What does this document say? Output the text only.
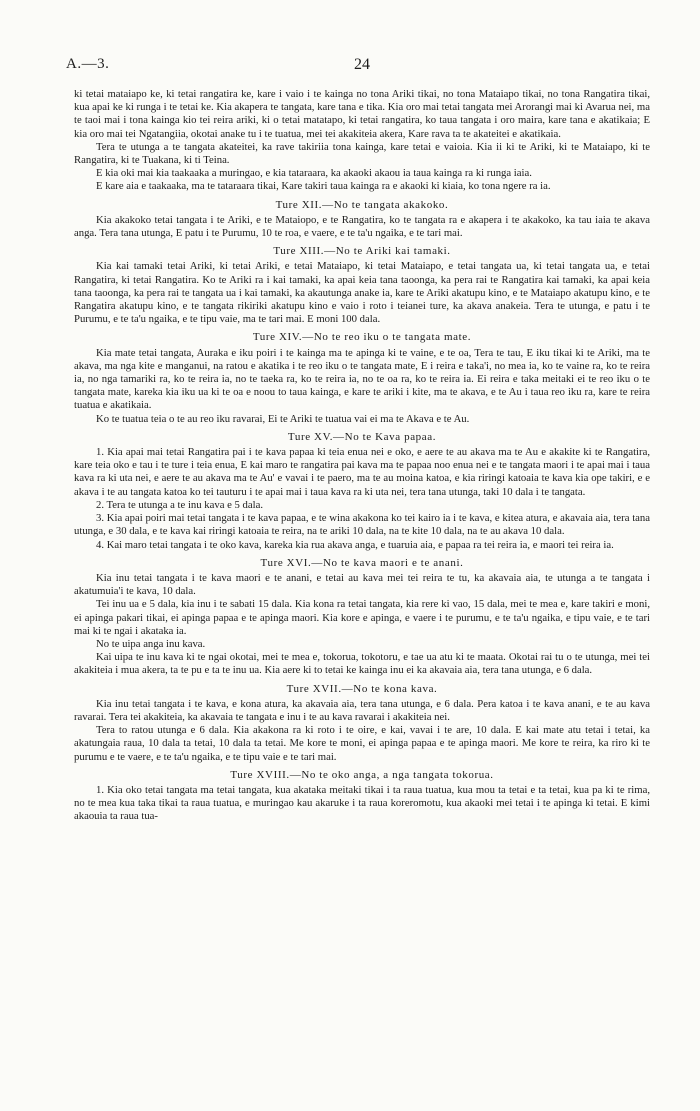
A.—3.	24

ki tetai mataiapo ke, ki tetai rangatira ke, kare i vaio i te kainga no tona Ariki tikai, no tona Mataiapo tikai, no tona Rangatira tikai, kua apai ke ki runga i te tetai ke. Kia akapera te tangata, kare tana e tika. Kia oro mai tetai tangata mei Arorangi mai ki Avarua nei, ma te taoi mai i tona kainga kio tei reira ariki, ki o tetai matatapo, ki tetai rangatira, ko taua tangata i oro maira, kare tana e akatikaia; E kia oro mai tei Ngatangiia, okotai anake tu i te tuatua, mei tei akakiteia akera, Kare rava ta te akateitei e akatikaia.

Tera te utunga a te tangata akateitei, ka rave takiriia tona kainga, kare tetai e vaioia. Kia ii ki te Ariki, ki te Mataiapo, ki te Rangatira, ki te Tuakana, ki ti Teina.

E kia oki mai kia taakaaka a muringao, e kia tataraara, ka akaoki akaou ia taua kainga ra ki runga iaia.

E kare aia e taakaaka, ma te tataraara tikai, Kare takiri taua kainga ra e akaoki ki kiaia, ko tona ngere ra ia.

Ture XII.—No te tangata akakoko.

Kia akakoko tetai tangata i te Ariki, e te Mataiopo, e te Rangatira, ko te tangata ra e akapera i te akakoko, ka tau iaia te akava anga. Tera tana utunga, E patu i te Purumu, 10 te roa, e vaere, e te ta'u ngaika, e te tari mai.

Ture XIII.—No te Ariki kai tamaki.

Kia kai tamaki tetai Ariki, ki tetai Ariki, e tetai Mataiapo, ki tetai Mataiapo, e tetai tangata ua, ki tetai tangata ua, e tetai Rangatira, ki tetai Rangatira. Ko te Ariki ra i kai tamaki, ka apai keia tana taoonga, ka pera rai te Rangatira kai tamaki, ka apai keia tana taoonga, ka pera rai te tangata ua i kai tamaki, ka akautunga anake ia, kare te Ariki akatupu kino, e te Mataiapo akatupu kino, e te Rangatira akatupu kino, e te tangata rikiriki akatupu kino e vaio i roto i teianei ture, ka akava anakeia. Tera te utunga, e patu i te Purumu, e te ta'u ngaika, e te tipu vaie, ma te tari mai. E moni 100 dala.

Ture XIV.—No te reo iku o te tangata mate.

Kia mate tetai tangata, Auraka e iku poiri i te kainga ma te apinga ki te vaine, e te oa, Tera te tau, E iku tikai ki te Ariki, ma te akava, ma nga kite e manganui, na ratou e akatika i te reo iku o te tangata mate, E i reira e taka'i, no mea ia, ko te vaine ra, ko te reira ia, no nga tamariki ra, ko te reira ia, no te taeka ra, ko te reira ia, no te oa ra, ko te reira ia. Ei reira e taka meitaki ei te reo iku o te tangata mate, kareka kia iku ua ki te oa e noou to taua kainga, e kare te ariki i kite, ma te akava, e te Au i taua reo iku ra, kare te reira tuatua e akatikaia.

Ko te tuatua teia o te au reo iku ravarai, Ei te Ariki te tuatua vai ei ma te Akava e te Au.

Ture XV.—No te Kava papaa.

1. Kia apai mai tetai Rangatira pai i te kava papaa ki teia enua nei e oko, e aere te au akava ma te Au e akakite ki te Rangatira, kare teia oko e tau i te ture i teia enua, E kai maro te rangatira pai kava ma te papaa noo enua nei e te tangata maori i te apai mai i taua kava ra ki uta nei, e aere te au akava ma te Au' e vavai i te paero, ma te au moina katoa, e kia riringi katoaia te kava kia ope takiri, e e akava i te au tangata katoa ko tei tauturu i te apai mai i taua kava ra ki uta nei, tera tana utunga, taki 10 dala i te tangata.

2. Tera te utunga a te inu kava e 5 dala.

3. Kia apai poiri mai tetai tangata i te kava papaa, e te wina akakona ko tei kairo ia i te kava, e kitea atura, e akavaia aia, tera tana utunga, e 30 dala, e te kava kai riringi katoaia te reira, na te ariki 10 dala, na te kite 10 dala, na te au akava 10 dala.

4. Kai maro tetai tangata i te oko kava, kareka kia rua akava anga, e tuaruia aia, e papaa ra tei reira ia, e maori tei reira ia.

Ture XVI.—No te kava maori e te anani.

Kia inu tetai tangata i te kava maori e te anani, e tetai au kava mei tei reira te tu, ka akavaia aia, te utunga a te tangata i akatumuia'i te kava, 10 dala.

Tei inu ua e 5 dala, kia inu i te sabati 15 dala. Kia kona ra tetai tangata, kia rere ki vao, 15 dala, mei te mea e, kare takiri e moni, ei apinga pakari tikai, ei apinga papaa e te apinga maori. Kia kore e apinga, e vaere i te purumu, e te ta'u ngaika, e tipu vaie, e te tari mai ki te ngai i akataka ia.

No te uipa anga inu kava.

Kai uipa te inu kava ki te ngai okotai, mei te mea e, tokorua, tokotoru, e tae ua atu ki te maata. Okotai rai tu o te utunga, mei tei akakiteia i mua akera, ta te pu e ta te inu ua. Kia aere ki to tetai ke kainga inu ei ka akavaia aia, tera tana utunga, e 6 dala.

Ture XVII.—No te kona kava.

Kia inu tetai tangata i te kava, e kona atura, ka akavaia aia, tera tana utunga, e 6 dala. Pera katoa i te kava anani, e te au kava ravarai. Tera tei akakiteia, ka akavaia te tangata e inu i te au kava ravarai i akakiteia nei.

Tera to ratou utunga e 6 dala. Kia akakona ra ki roto i te oire, e kai, vavai i te are, 10 dala. E kai mate atu tetai i tetai, ka akatungaia raua, 10 dala ta tetai, 10 dala ta tetai. Me kore te moni, ei apinga papaa e te apinga maori. Me kore te reira, ka riro ki te purumu e te vaere, e te ta'u ngaika, e te tipu vaie e te tari mai.

Ture XVIII.—No te oko anga, a nga tangata tokorua.

1. Kia oko tetai tangata ma tetai tangata, kua akataka meitaki tikai i ta raua tuatua, kua mou ta tetai e ta tetai, kua pa ki te rima, no te mea kua taka tikai ta raua tuatua, e muringao kau akaruke i ta raua koreromotu, kua akaoki mei tetai i te apinga ki tetai. E kimi akaouia ta raua tua-
